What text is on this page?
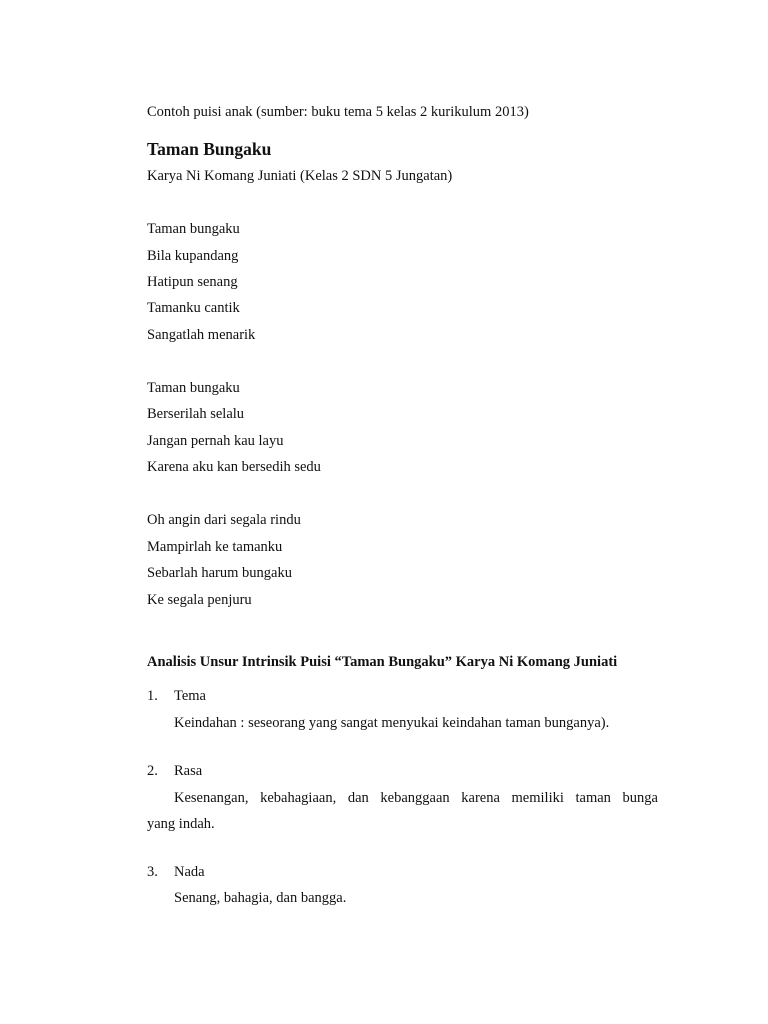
Contoh puisi anak (sumber: buku tema 5 kelas 2 kurikulum 2013)
Taman Bungaku
Karya Ni Komang Juniati (Kelas 2 SDN 5 Jungatan)
Taman bungaku
Bila kupandang
Hatipun senang
Tamanku cantik
Sangatlah menarik
Taman bungaku
Berserilah selalu
Jangan pernah kau layu
Karena aku kan bersedih sedu
Oh angin dari segala rindu
Mampirlah ke tamanku
Sebarlah harum bungaku
Ke segala penjuru
Analisis Unsur Intrinsik Puisi “Taman Bungaku” Karya Ni Komang Juniati
1. Tema
Keindahan : seseorang yang sangat menyukai keindahan taman bunganya).
2. Rasa
Kesenangan, kebahagiaan, dan kebanggaan karena memiliki taman bunga
yang indah.
3. Nada
Senang, bahagia, dan bangga.
